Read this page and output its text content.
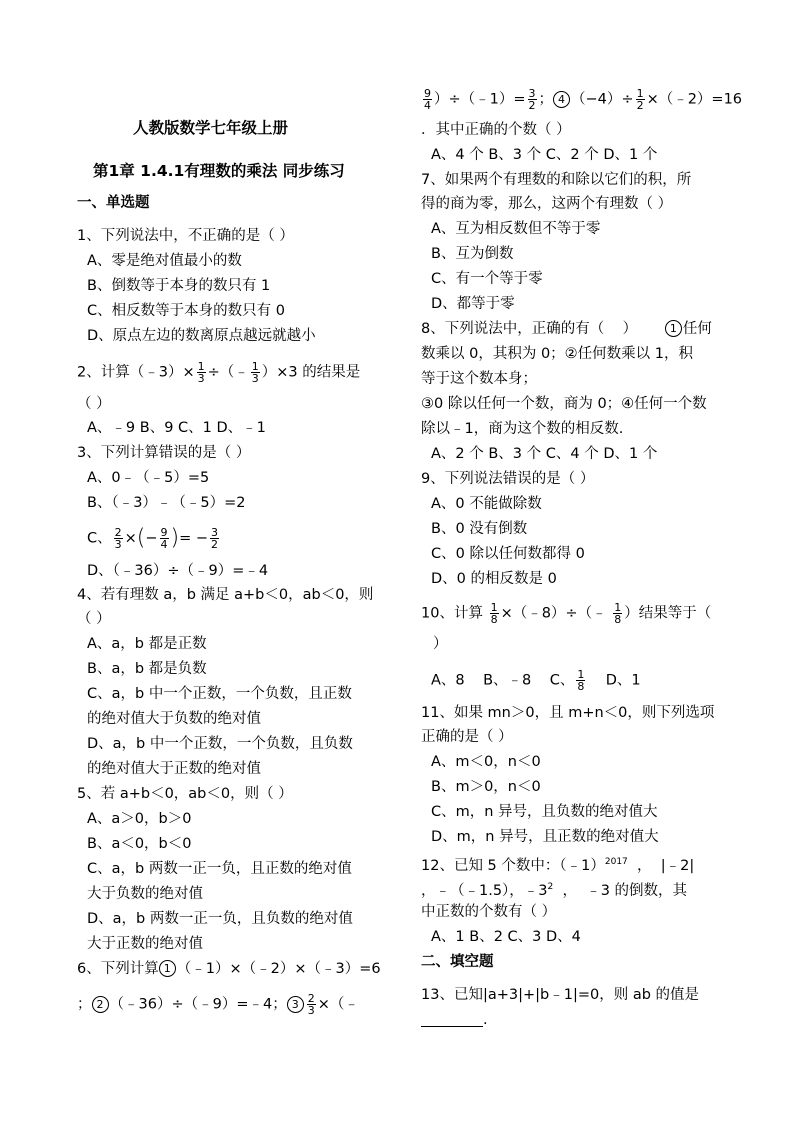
人教版数学七年级上册
第1章 1.4.1有理数的乘法 同步练习
一、单选题
1、下列说法中，不正确的是（ ）
A、零是绝对值最小的数
B、倒数等于本身的数只有 1
C、相反数等于本身的数只有 0
D、原点左边的数离原点越远就越小
2、计算（﹣3）× $\frac{1}{3}$ ÷（﹣ $\frac{1}{3} )\times 3$ 的结果是
（ ）
A、﹣9 B、9 C、1 D、﹣1
3、下列计算错误的是（ ）
A、0﹣（﹣5）=5
B、（﹣3）﹣（﹣5）=2
C、 $\frac{2}{3}$ ×(− $\frac{9}{4}$ )= − $\frac{3}{2}$
D、（﹣36）÷（﹣9）=﹣4
4、若有理数 a，b 满足 a+b＜0，ab＜0，则
（ ）
A、a，b 都是正数
B、a，b 都是负数
C、a，b 中一个正数，一个负数，且正数
的绝对值大于负数的绝对值
D、a，b 中一个正数，一个负数，且负数
的绝对值大于正数的绝对值
5、若 a+b＜0，ab＜0，则（ ）
A、a＞0，b＞0
B、a＜0，b＜0
C、a，b 两数一正一负，且正数的绝对值
大于负数的绝对值
D、a，b 两数一正一负，且负数的绝对值
大于正数的绝对值
6、下列计算 1 （﹣1）×（﹣2）×（﹣3）=6
； 2 （﹣36）÷（﹣9）=﹣4； $3 \frac{2}{3}$ ×（﹣
$\frac{9}{4}$ ）÷（﹣1）= $\frac{3}{2}$ ； 4 $(-4)\div \frac{1}{2}$ ×（﹣2）=16
．其中正确的个数（ ）
A、4 个 B、3 个 C、2 个 D、1 个
7、如果两个有理数的和除以它们的积，所
得的商为零，那么，这两个有理数（ ）
A、互为相反数但不等于零
B、互为倒数
C、有一个等于零
D、都等于零
8、下列说法中，正确的有（    ）      1 任何
数乘以 0，其积为 0；②任何数乘以 1，积
等于这个数本身；
③0 除以任何一个数，商为 0；④任何一个数
除以﹣1，商为这个数的相反数.
A、2 个 B、3 个 C、4 个 D、1 个
9、下列说法错误的是（ ）
A、0 不能做除数
B、0 没有倒数
C、0 除以任何数都得 0
D、0 的相反数是 0
10、计算 $\frac{1}{8}$ ×（﹣8）÷（﹣ $\frac{1}{8}$ ）结果等于（
）
A、8    B、﹣8    C、 $\frac{1}{8}$ D、1
11、如果 mn＞0，且 m+n＜0，则下列选项
正确的是（ ）
A、m＜0，n＜0
B、m＞0，n＜0
C、m，n 异号，且负数的绝对值大
D、m，n 异号，且正数的绝对值大
12、已知 5 个数中：（﹣1）$^{2017}$  ，  |﹣2|
，﹣（﹣1.5），$﹣3^2$  ，  ﹣3 的倒数，其
中正数的个数有（ ）
A、1 B、2 C、3 D、4
二、填空题
13、已知|a+3|+|b﹣1|=0，则 ab 的值是
.
